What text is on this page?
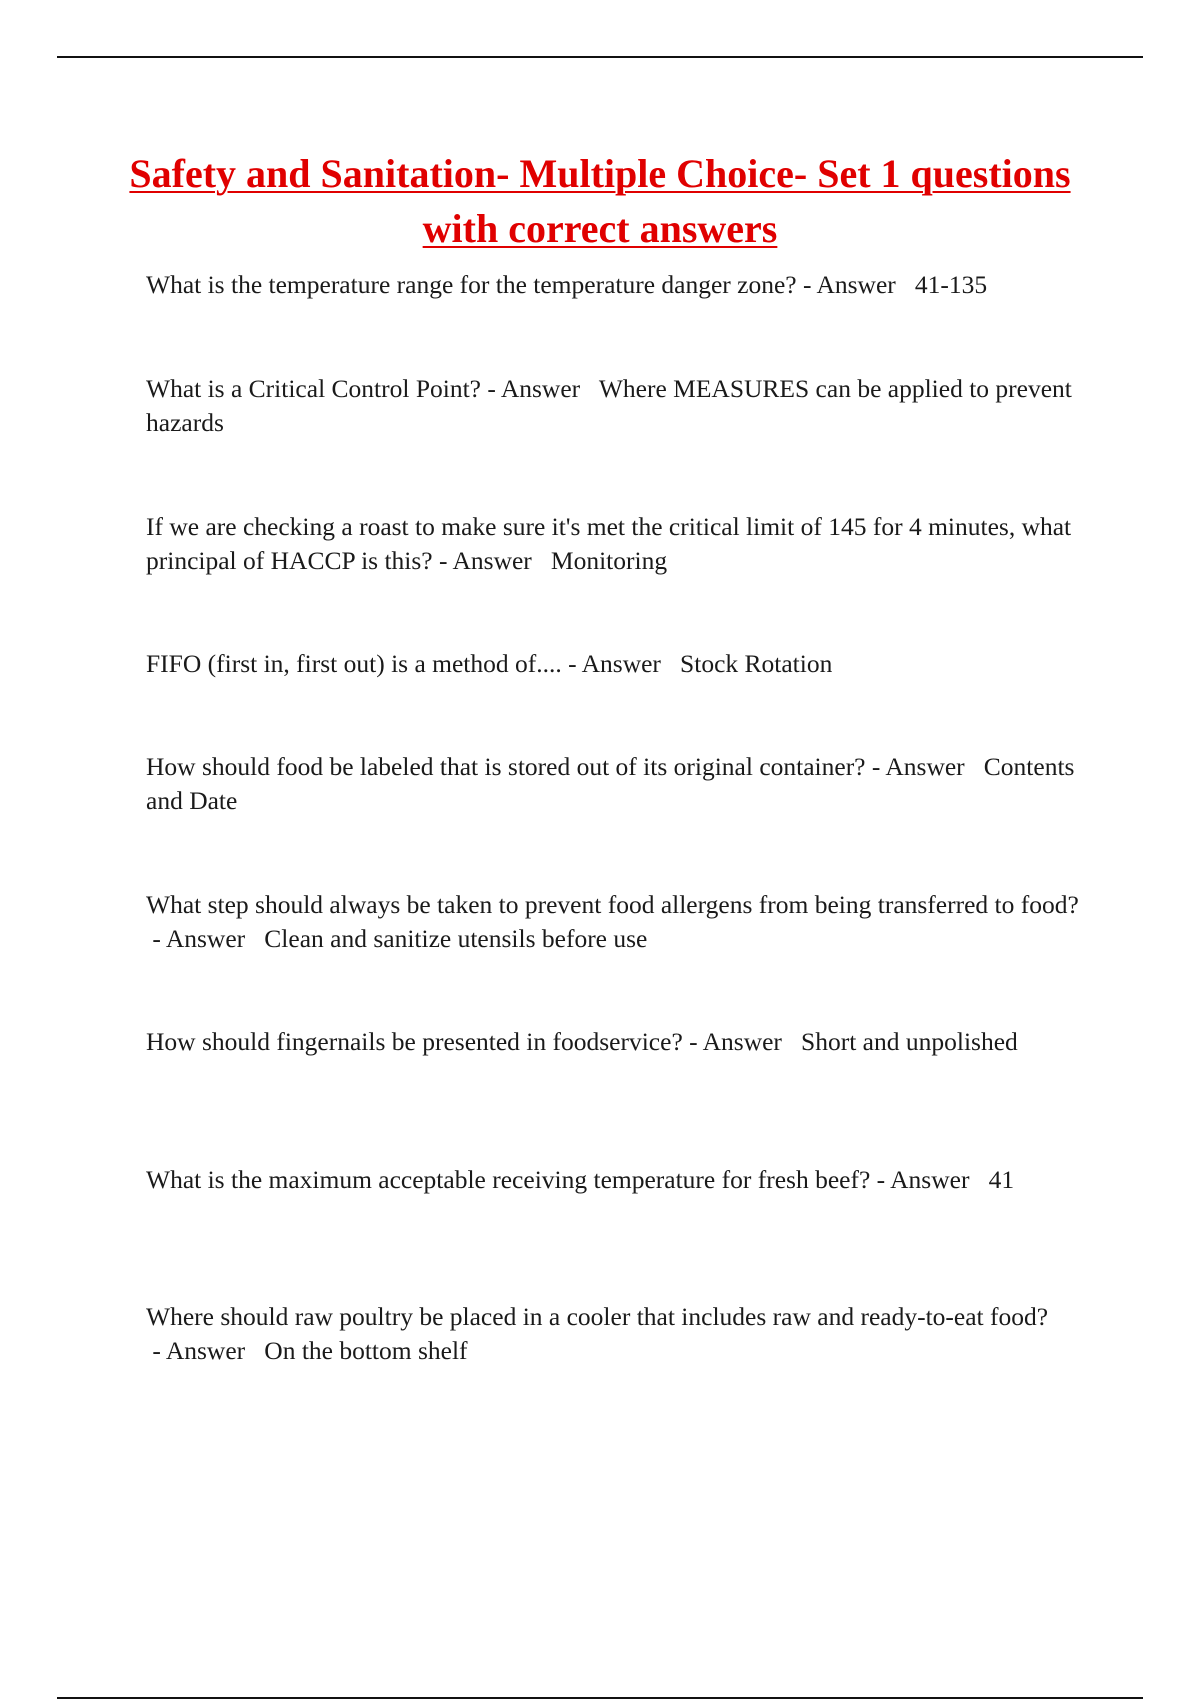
Safety and Sanitation- Multiple Choice- Set 1 questions with correct answers

What is the temperature range for the temperature danger zone? - Answer   41-135

What is a Critical Control Point? - Answer   Where MEASURES can be applied to prevent hazards

If we are checking a roast to make sure it's met the critical limit of 145 for 4 minutes, what principal of HACCP is this? - Answer   Monitoring

FIFO (first in, first out) is a method of.... - Answer   Stock Rotation

How should food be labeled that is stored out of its original container? - Answer   Contents and Date

What step should always be taken to prevent food allergens from being transferred to food? - Answer   Clean and sanitize utensils before use

How should fingernails be presented in foodservice? - Answer   Short and unpolished

What is the maximum acceptable receiving temperature for fresh beef? - Answer   41

Where should raw poultry be placed in a cooler that includes raw and ready-to-eat food? - Answer   On the bottom shelf
